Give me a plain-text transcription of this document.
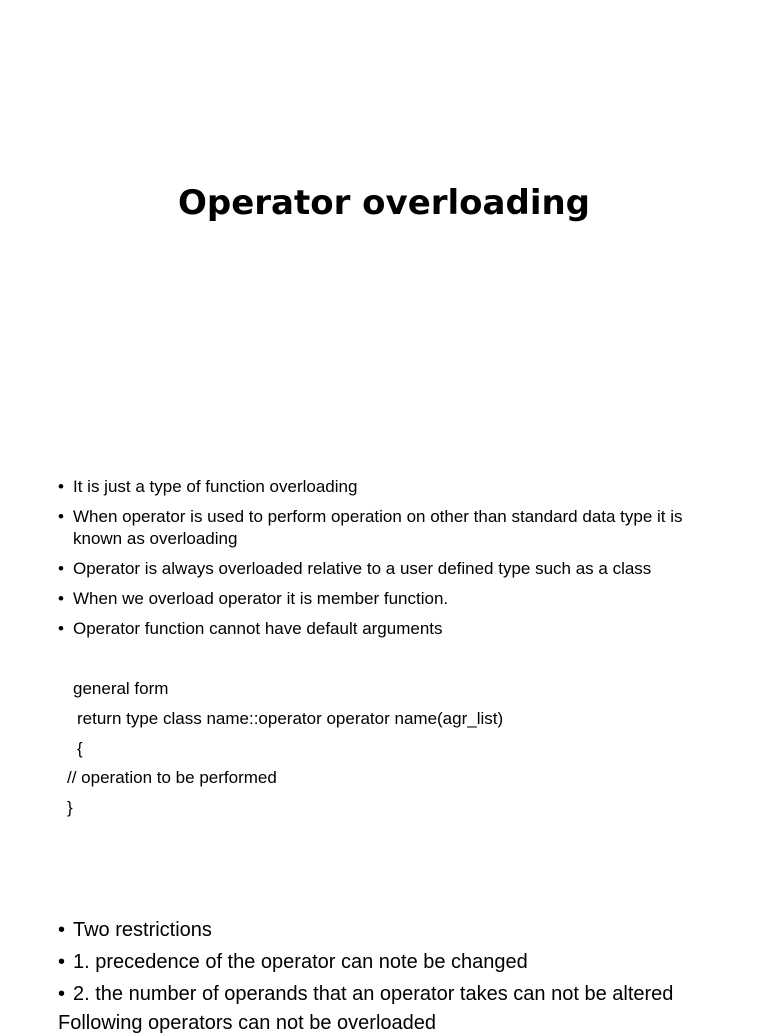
Operator overloading
• It is just a type of function overloading
• When operator is used to perform operation on other than standard data type it is known as overloading
• Operator is always overloaded relative to a user defined type such as a class
• When we overload operator it is member function.
• Operator function cannot have default arguments
general form
return type class name::operator operator name(agr_list)
{
// operation to be performed
}
• Two restrictions
• 1. precedence of the operator can note be changed
• 2. the number of operands that an operator takes can not be altered
Following operators can not be overloaded
